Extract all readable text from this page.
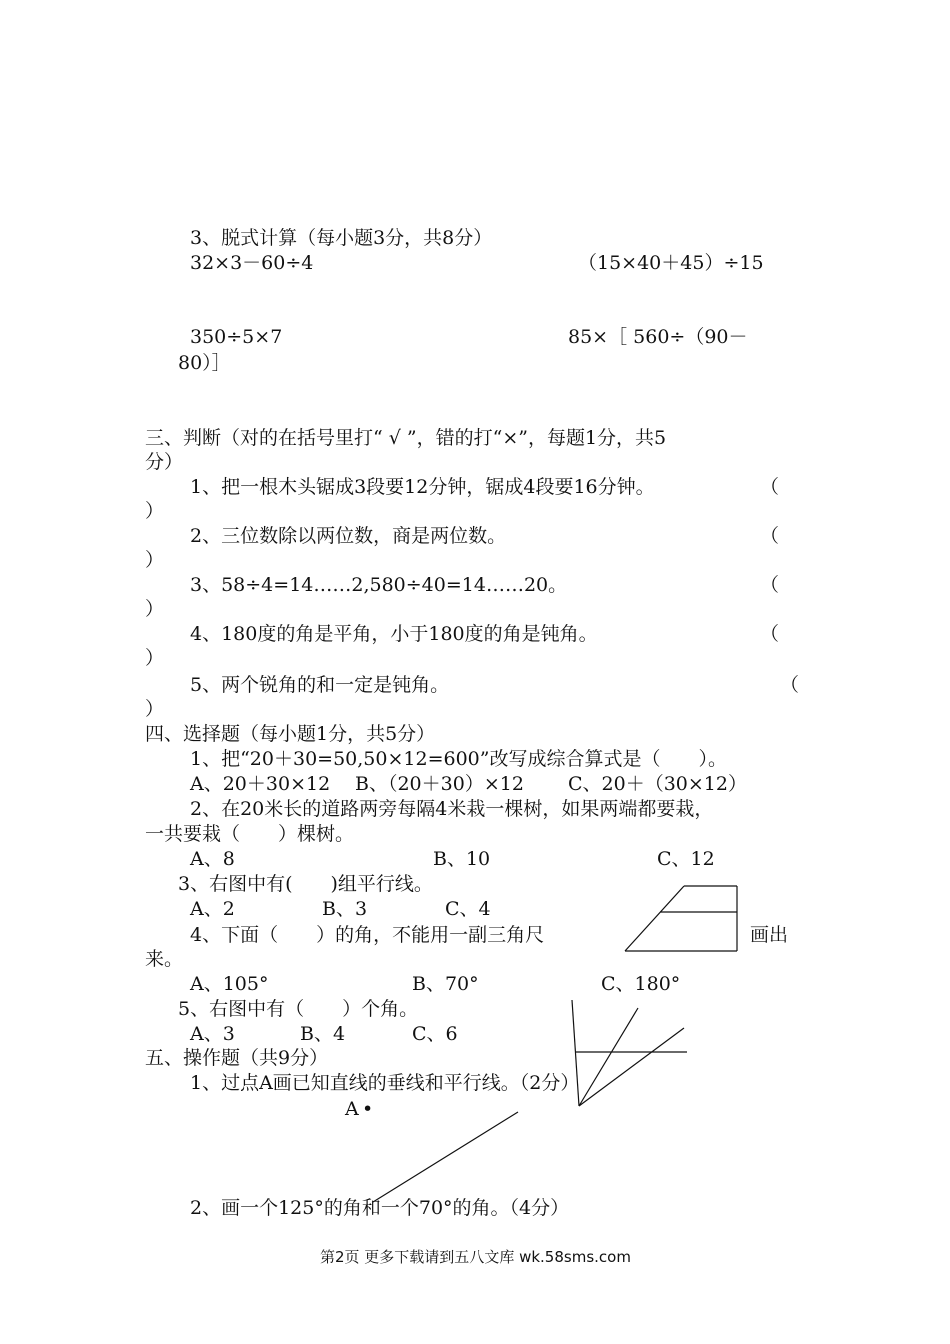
3、脱式计算（每小题3分，共8分）
32×3－60÷4	（15×40＋45）÷15
350÷5×7	85×［ 560÷（90－
80）］
三、判断（对的在括号里打“ √ ”，错的打“×”，每题1分，共5
分）
1、把一根木头锯成3段要12分钟，锯成4段要16分钟。	（
）
2、三位数除以两位数，商是两位数。	（
）
3、58÷4=14……2,580÷40=14……20。	（
）
4、180度的角是平角，小于180度的角是钝角。	（
）
5、两个锐角的和一定是钝角。	（
）
四、选择题（每小题1分，共5分）
1、把“20＋30=50,50×12=600”改写成综合算式是（　　）。
A、20＋30×12 B、（20＋30）×12 C、20＋（30×12）
2、在20米长的道路两旁每隔4米栽一棵树，如果两端都要栽，
一共要栽（　　）棵树。
A、8	B、10	C、12
3、右图中有(　　)组平行线。
A、2	B、3	C、4
4、下面（　　）的角，不能用一副三角尺	画出
来。
A、105°	B、70°	C、180°
5、右图中有（　　）个角。
A、3	B、4	C、6
五、操作题（共9分）
1、过点A画已知直线的垂线和平行线。（2分）
A •
2、画一个125°的角和一个70°的角。（4分）
第2页 更多下载请到五八文库 wk.58sms.com
